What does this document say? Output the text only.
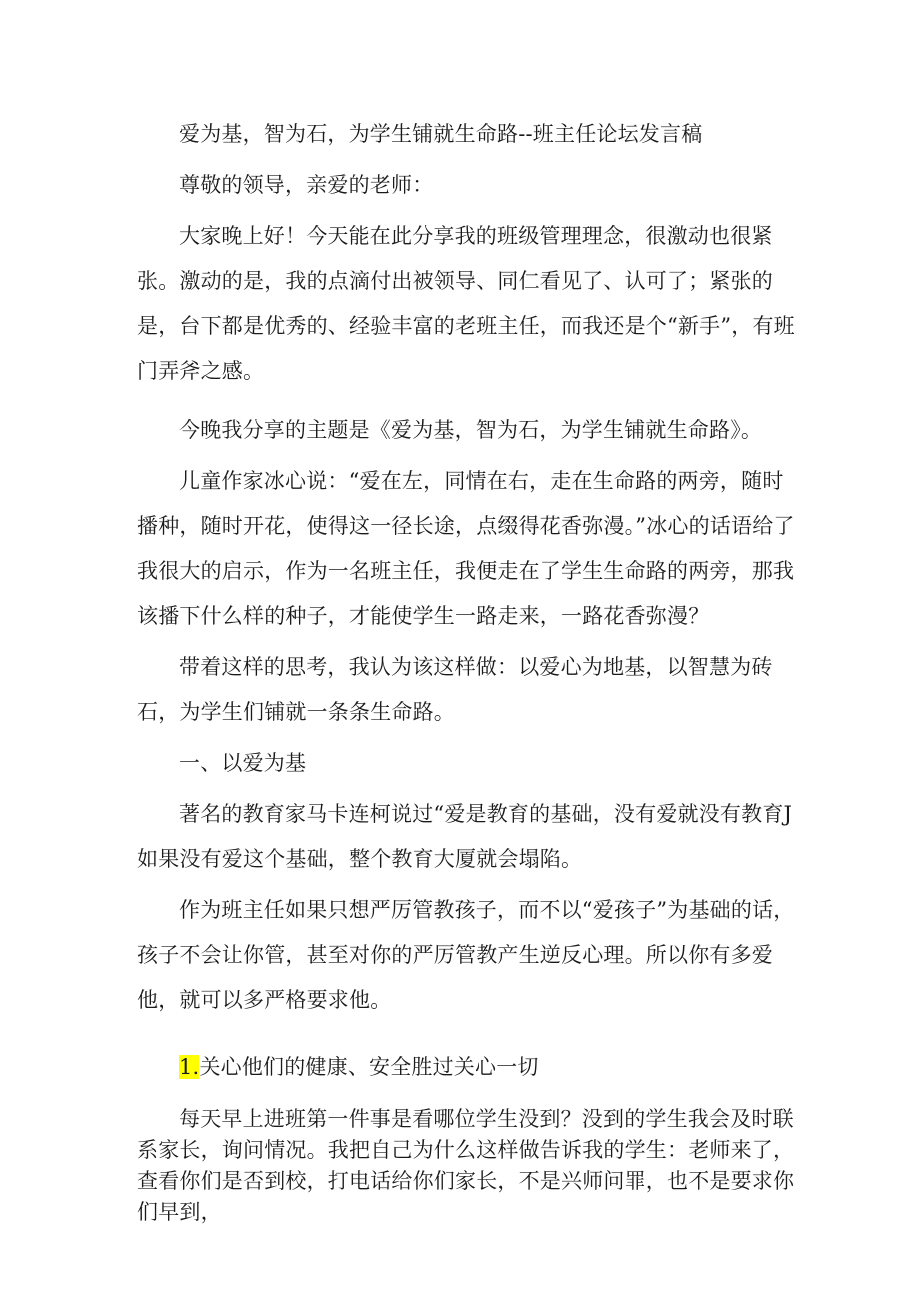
爱为基，智为石，为学生铺就生命路--班主任论坛发言稿

尊敬的领导，亲爱的老师：

大家晚上好！今天能在此分享我的班级管理理念，很激动也很紧张。激动的是，我的点滴付出被领导、同仁看见了、认可了；紧张的是，台下都是优秀的、经验丰富的老班主任，而我还是个“新手”，有班门弄斧之感。

今晚我分享的主题是《爱为基，智为石，为学生铺就生命路》。

儿童作家冰心说：“爱在左，同情在右，走在生命路的两旁，随时播种，随时开花，使得这一径长途，点缀得花香弥漫。”冰心的话语给了我很大的启示，作为一名班主任，我便走在了学生生命路的两旁，那我该播下什么样的种子，才能使学生一路走来，一路花香弥漫？

带着这样的思考，我认为该这样做：以爱心为地基，以智慧为砖石，为学生们铺就一条条生命路。

一、以爱为基

著名的教育家马卡连柯说过“爱是教育的基础，没有爱就没有教育J如果没有爱这个基础，整个教育大厦就会塌陷。

作为班主任如果只想严厉管教孩子，而不以“爱孩子”为基础的话，孩子不会让你管，甚至对你的严厉管教产生逆反心理。所以你有多爱他，就可以多严格要求他。

1.关心他们的健康、安全胜过关心一切

每天早上进班第一件事是看哪位学生没到？没到的学生我会及时联系家长，询问情况。我把自己为什么这样做告诉我的学生：老师来了，查看你们是否到校，打电话给你们家长，不是兴师问罪，也不是要求你们早到，
